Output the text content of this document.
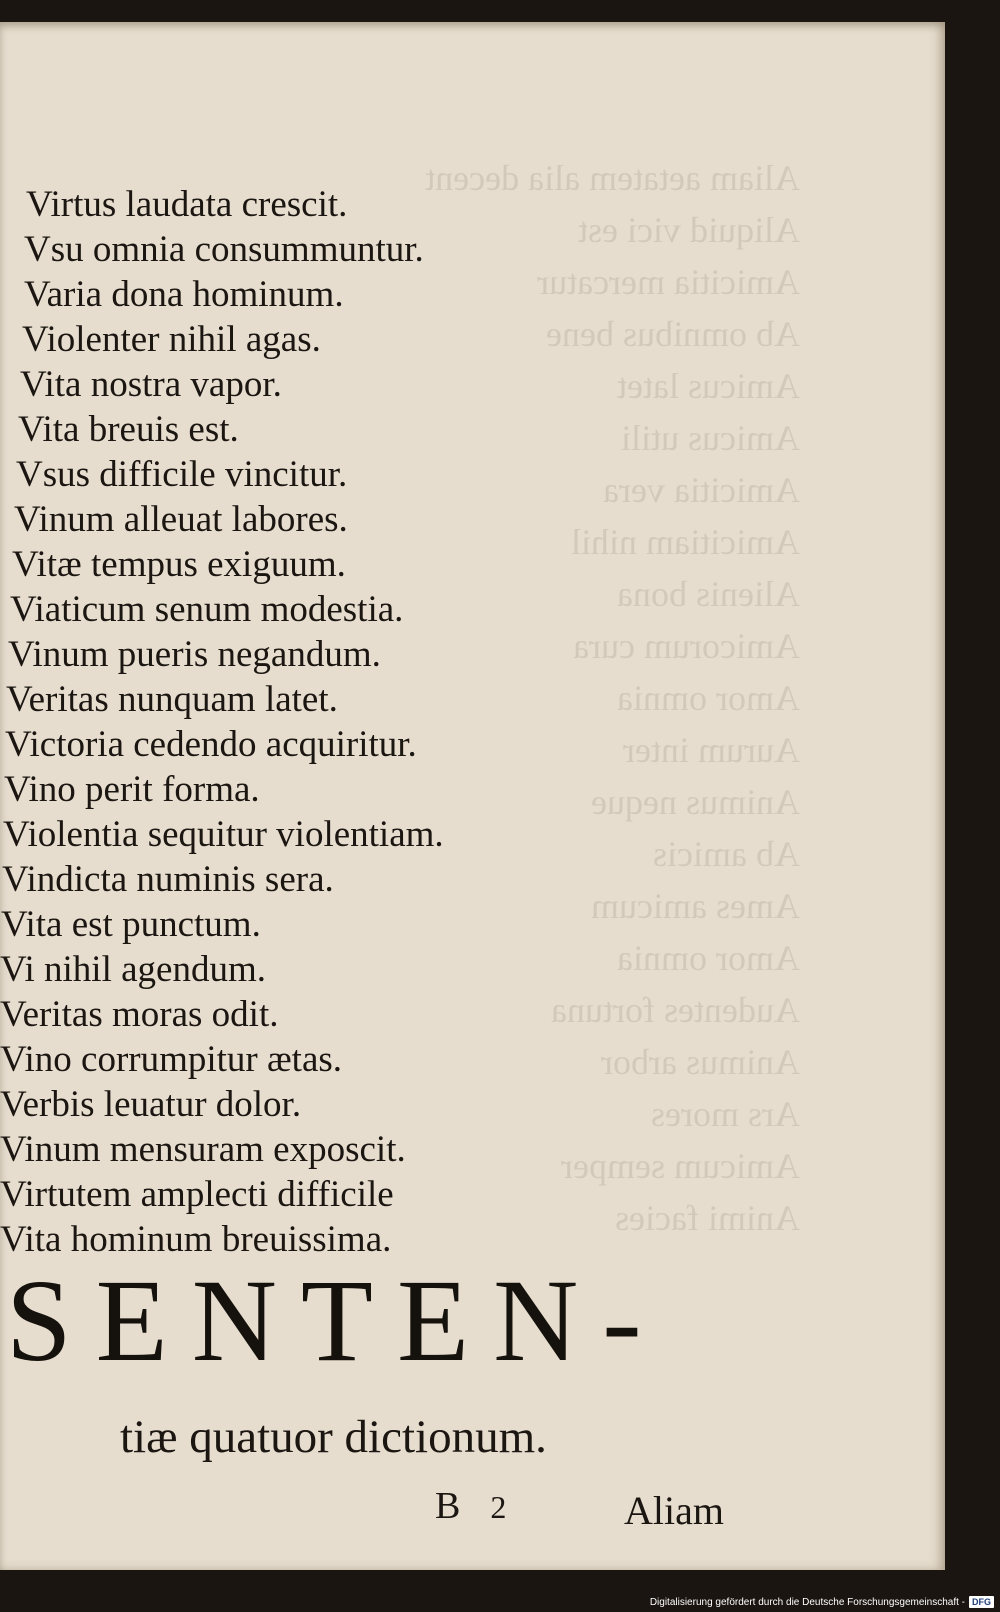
Aliam aetatem alia decent
Aliquid vici est
Amicitia mercatur
Ab omnibus bene
Amicus latet
Amicus utili
Amicitia vera
Amicitiam nihil
Alienis bona
Amicorum cura
Amor omnia
Aurum inter
Animus neque
Ab amicis
Ames amicum
Amor omnia
Audentes fortuna
Animus arbor
Ars mores
Amicum semper
Animi facies
Virtus laudata crescit.
Vsu omnia consummuntur.
Varia dona hominum.
Violenter nihil agas.
Vita nostra vapor.
Vita breuis est.
Vsus difficile vincitur.
Vinum alleuat labores.
Vitæ tempus exiguum.
Viaticum senum modestia.
Vinum pueris negandum.
Veritas nunquam latet.
Victoria cedendo acquiritur.
Vino perit forma.
Violentia sequitur violentiam.
Vindicta numinis sera.
Vita est punctum.
Vi nihil agendum.
Veritas moras odit.
Vino corrumpitur ætas.
Verbis leuatur dolor.
Vinum mensuram exposcit.
Virtutem amplecti difficile
Vita hominum breuissima.
SENTEN-
tiæ quatuor dictionum.
B 2	Aliam
Digitalisierung gefördert durch die Deutsche Forschungsgemeinschaft - DFG
